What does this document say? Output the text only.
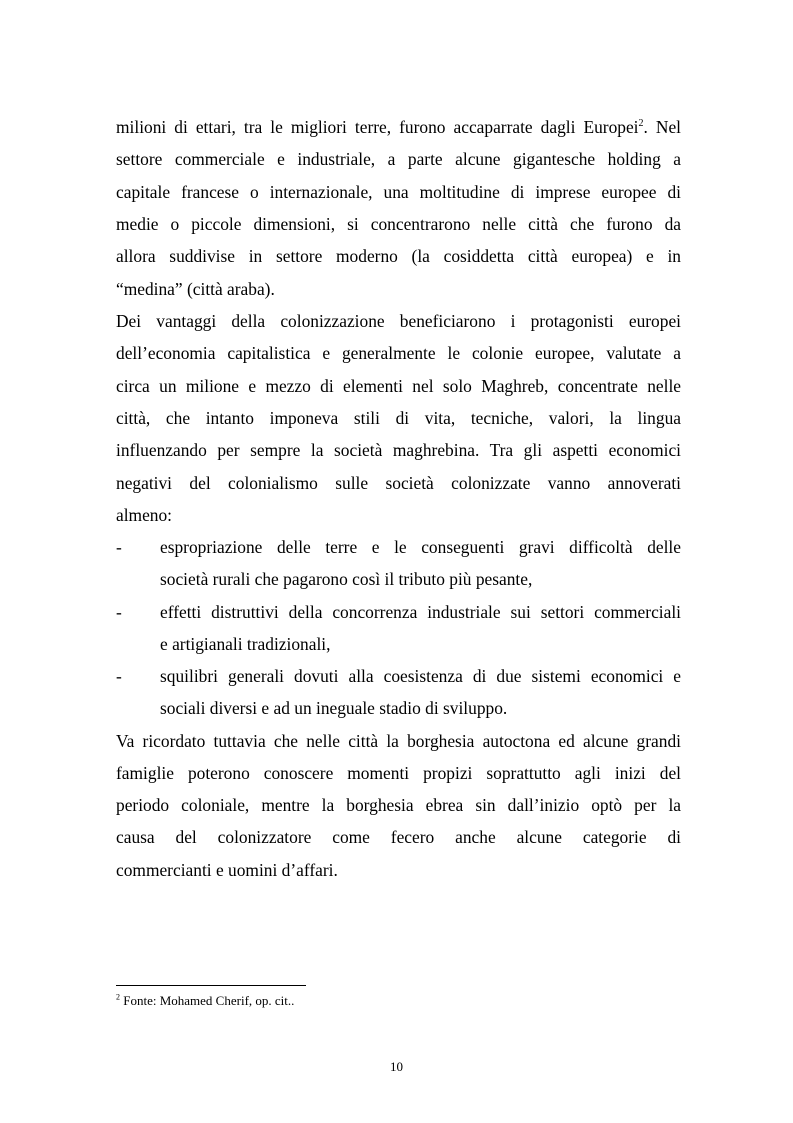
milioni di ettari, tra le migliori terre, furono accaparrate dagli Europei$^2$. Nel
settore commerciale e industriale, a parte alcune gigantesche holding a
capitale francese o internazionale, una moltitudine di imprese europee di
medie o piccole dimensioni, si concentrarono nelle città che furono da
allora suddivise in settore moderno (la cosiddetta città europea) e in
“medina” (città araba).
Dei vantaggi della colonizzazione beneficiarono i protagonisti europei
dell’economia capitalistica e generalmente le colonie europee, valutate a
circa un milione e mezzo di elementi nel solo Maghreb, concentrate nelle
città, che intanto imponeva stili di vita, tecniche, valori, la lingua
influenzando per sempre la società maghrebina. Tra gli aspetti economici
negativi del colonialismo sulle società colonizzate vanno annoverati
almeno:
- espropriazione delle terre e le conseguenti gravi difficoltà delle
società rurali che pagarono così il tributo più pesante,
- effetti distruttivi della concorrenza industriale sui settori commerciali
e artigianali tradizionali,
- squilibri generali dovuti alla coesistenza di due sistemi economici e
sociali diversi e ad un ineguale stadio di sviluppo.
Va ricordato tuttavia che nelle città la borghesia autoctona ed alcune grandi
famiglie poterono conoscere momenti propizi soprattutto agli inizi del
periodo coloniale, mentre la borghesia ebrea sin dall’inizio optò per la
causa del colonizzatore come fecero anche alcune categorie di
commercianti e uomini d’affari.
$^2$ Fonte: Mohamed Cherif, op. cit..
10
